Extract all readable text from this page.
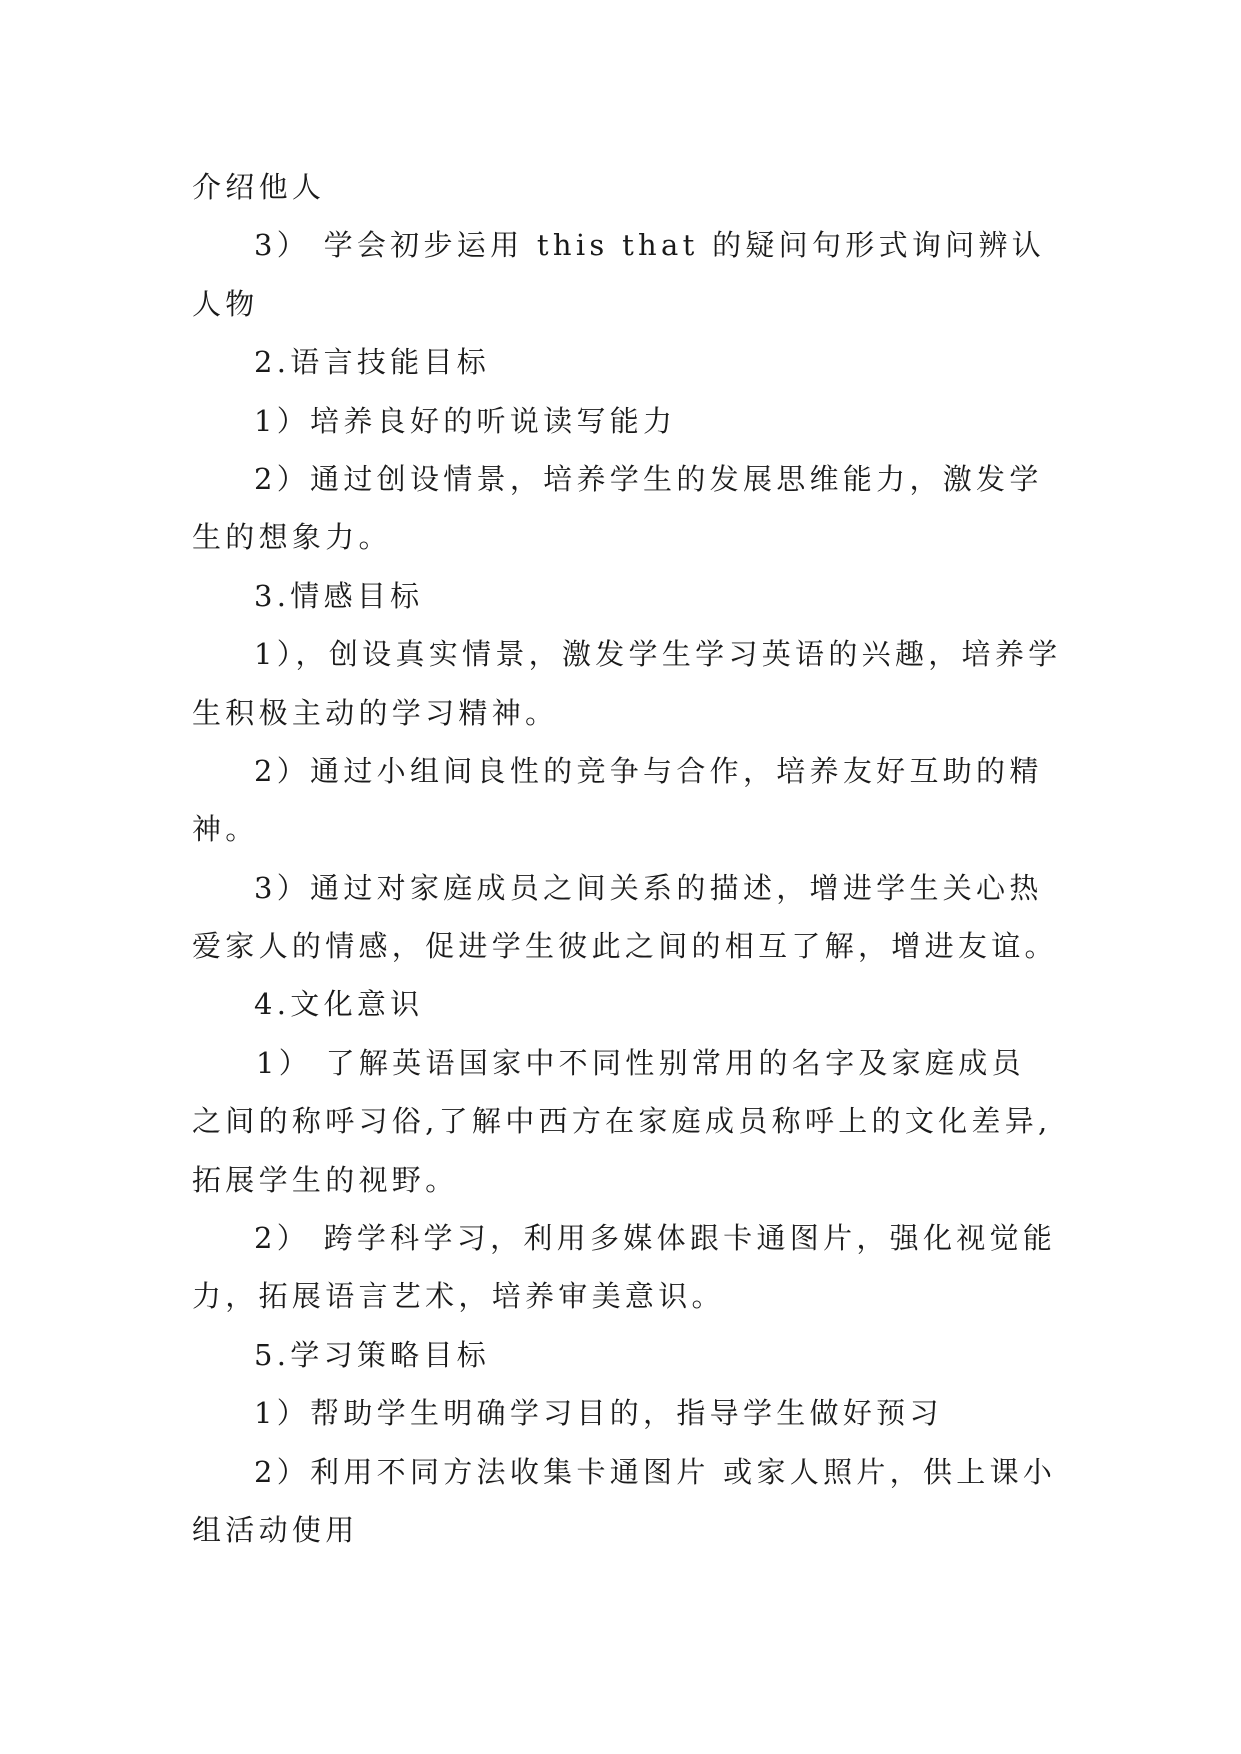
介绍他人
3） 学会初步运用 this that 的疑问句形式询问辨认
人物
2.语言技能目标
1）培养良好的听说读写能力
2）通过创设情景，培养学生的发展思维能力，激发学
生的想象力。
3.情感目标
1），创设真实情景，激发学生学习英语的兴趣，培养学
生积极主动的学习精神。
2）通过小组间良性的竞争与合作，培养友好互助的精
神。
3）通过对家庭成员之间关系的描述，增进学生关心热
爱家人的情感，促进学生彼此之间的相互了解，增进友谊。
4.文化意识
1） 了解英语国家中不同性别常用的名字及家庭成员
之间的称呼习俗,了解中西方在家庭成员称呼上的文化差异,
拓展学生的视野。
2） 跨学科学习，利用多媒体跟卡通图片，强化视觉能
力，拓展语言艺术，培养审美意识。
5.学习策略目标
1）帮助学生明确学习目的，指导学生做好预习
2）利用不同方法收集卡通图片 或家人照片，供上课小
组活动使用
